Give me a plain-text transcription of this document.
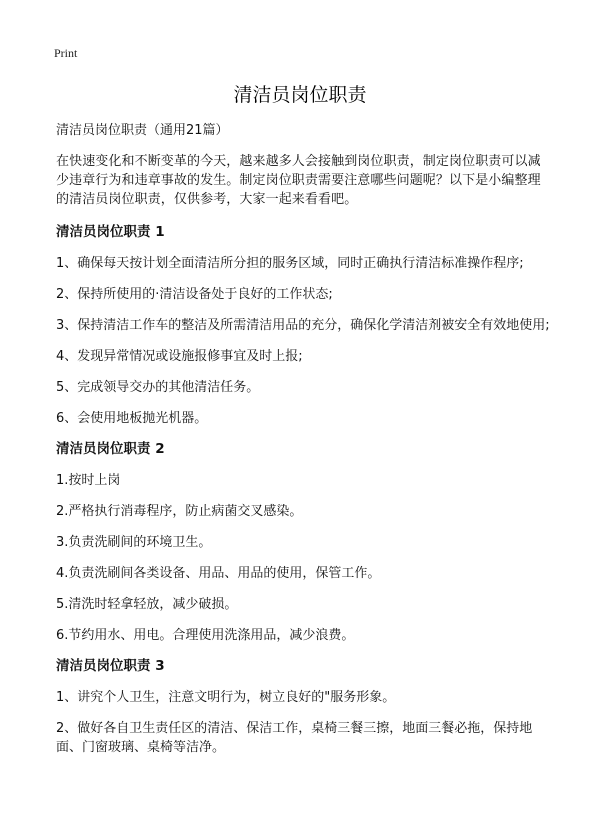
Print
清洁员岗位职责

清洁员岗位职责（通用21篇）

在快速变化和不断变革的今天，越来越多人会接触到岗位职责，制定岗位职责可以减少违章行为和违章事故的发生。制定岗位职责需要注意哪些问题呢？以下是小编整理的清洁员岗位职责，仅供参考，大家一起来看看吧。

清洁员岗位职责 1

1、确保每天按计划全面清洁所分担的服务区域，同时正确执行清洁标准操作程序;

2、保持所使用的·清洁设备处于良好的工作状态;

3、保持清洁工作车的整洁及所需清洁用品的充分，确保化学清洁剂被安全有效地使用;

4、发现异常情况或设施报修事宜及时上报;

5、完成领导交办的其他清洁任务。

6、会使用地板抛光机器。

清洁员岗位职责 2

1.按时上岗

2.严格执行消毒程序，防止病菌交叉感染。

3.负责洗刷间的环境卫生。

4.负责洗刷间各类设备、用品、用品的使用，保管工作。

5.清洗时轻拿轻放，减少破损。

6.节约用水、用电。合理使用洗涤用品，减少浪费。

清洁员岗位职责 3

1、讲究个人卫生，注意文明行为，树立良好的"服务形象。

2、做好各自卫生责任区的清洁、保洁工作，桌椅三餐三擦，地面三餐必拖，保持地面、门窗玻璃、桌椅等洁净。
